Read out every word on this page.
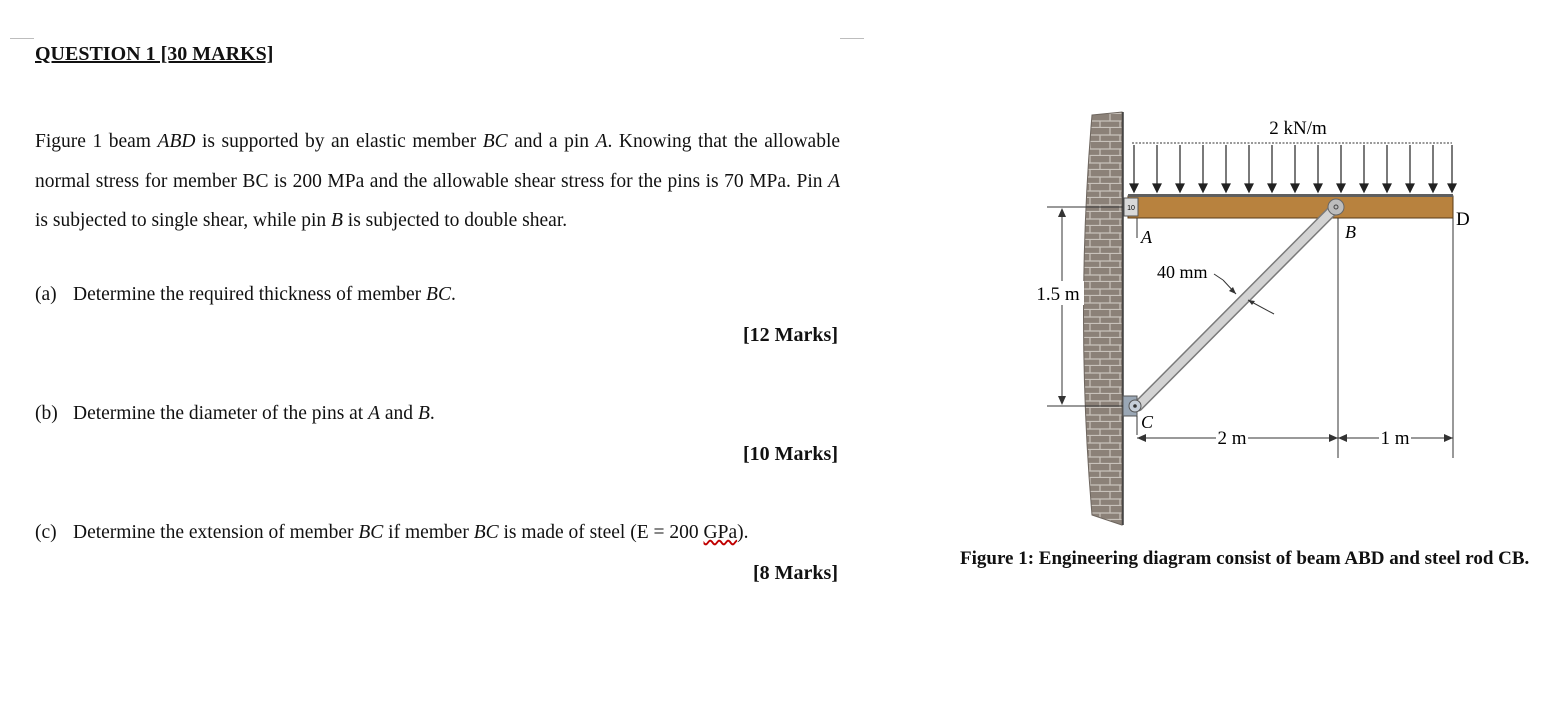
QUESTION 1 [30 MARKS]
Figure 1 beam ABD is supported by an elastic member BC and a pin A. Knowing that the allowable normal stress for member BC is 200 MPa and the allowable shear stress for the pins is 70 MPa. Pin A is subjected to single shear, while pin B is subjected to double shear.
(a) Determine the required thickness of member BC.
[12 Marks]
(b) Determine the diameter of the pins at A and B.
[10 Marks]
(c) Determine the extension of member BC if member BC is made of steel (E = 200 GPa).
[8 Marks]
2 kN/m
10
A	B
D
C
40 mm
1.5 m
2 m	1 m
Figure 1: Engineering diagram consist of beam ABD and steel rod CB.
